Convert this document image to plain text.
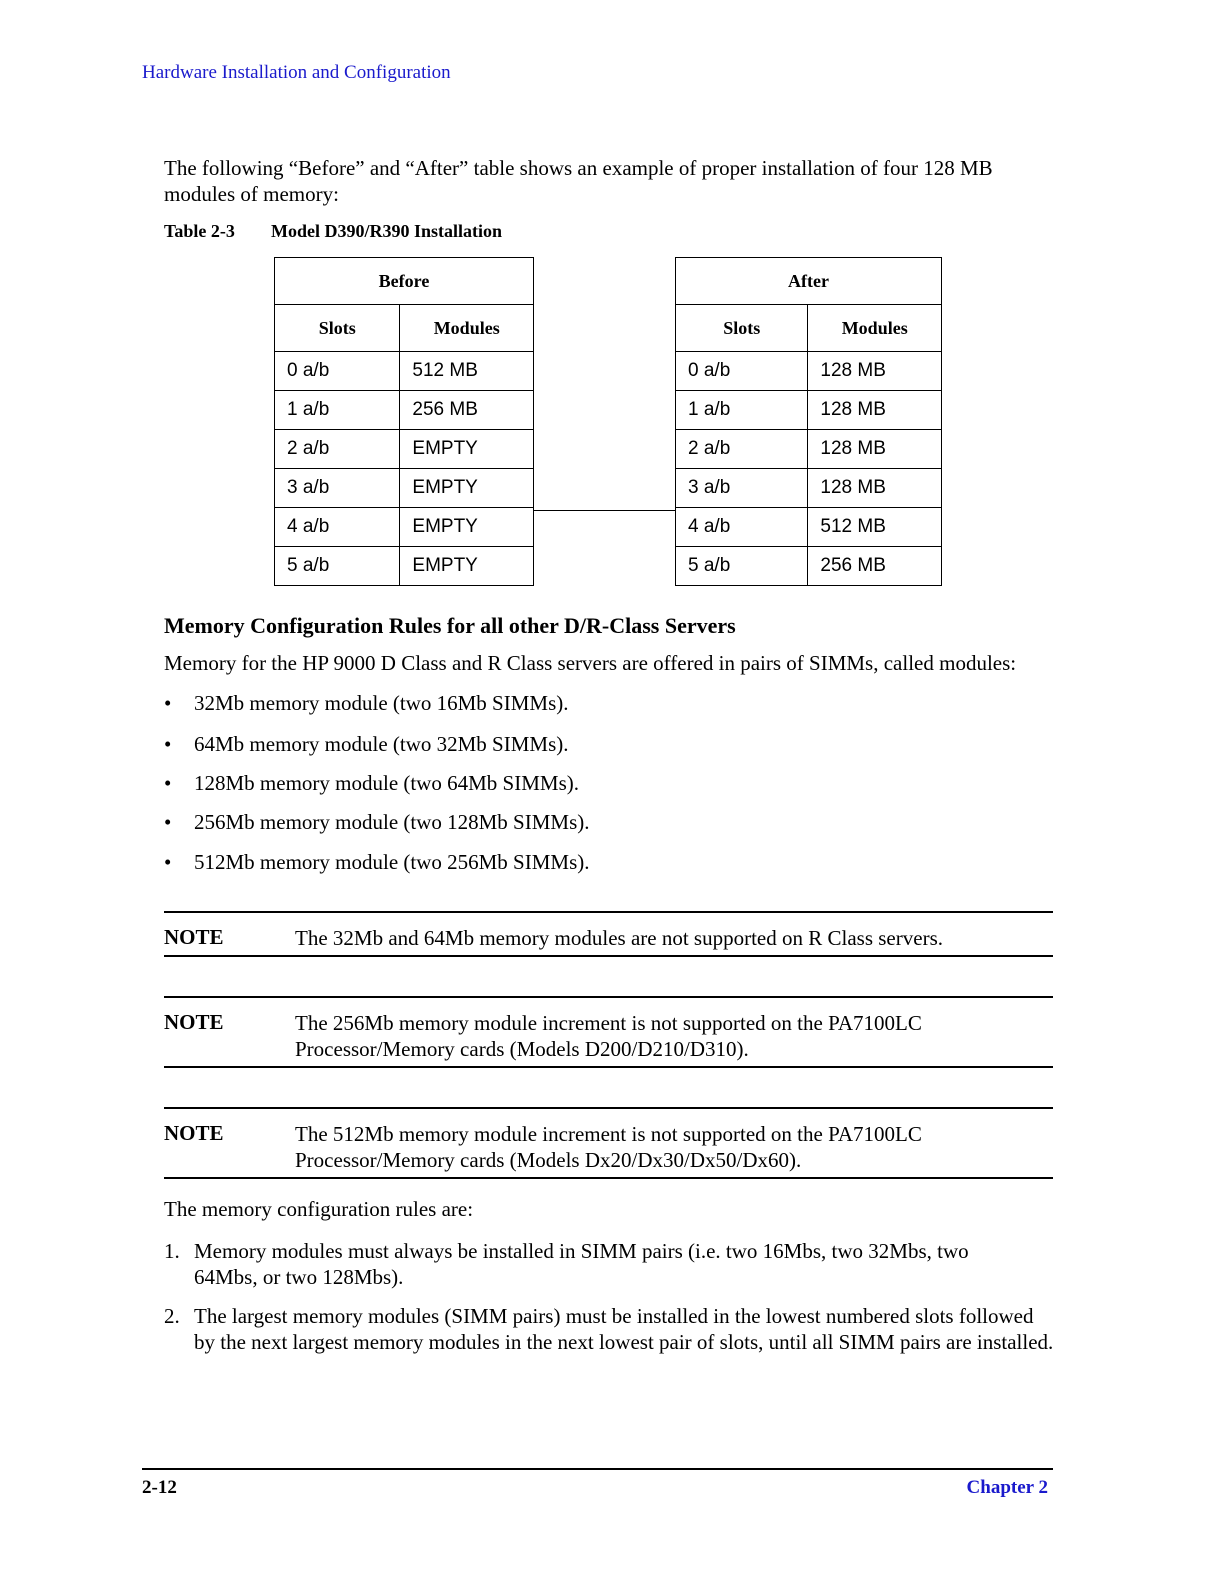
Hardware Installation and Configuration
The following “Before” and “After” table shows an example of proper installation of four 128 MB modules of memory:
Table 2-3 Model D390/R390 Installation
Before	
Slots	Modules
0 a/b	512 MB
1 a/b	256 MB
2 a/b	EMPTY
3 a/b	EMPTY
4 a/b	EMPTY
5 a/b	EMPTY
After	
Slots	Modules
0 a/b	128 MB
1 a/b	128 MB
2 a/b	128 MB
3 a/b	128 MB
4 a/b	512 MB
5 a/b	256 MB
Memory Configuration Rules for all other D/R-Class Servers
Memory for the HP 9000 D Class and R Class servers are offered in pairs of SIMMs, called modules:
• 32Mb memory module (two 16Mb SIMMs).
• 64Mb memory module (two 32Mb SIMMs).
• 128Mb memory module (two 64Mb SIMMs).
• 256Mb memory module (two 128Mb SIMMs).
• 512Mb memory module (two 256Mb SIMMs).
NOTE	The 32Mb and 64Mb memory modules are not supported on R Class servers.
NOTE	The 256Mb memory module increment is not supported on the PA7100LC Processor/Memory cards (Models D200/D210/D310).
NOTE	The 512Mb memory module increment is not supported on the PA7100LC Processor/Memory cards (Models Dx20/Dx30/Dx50/Dx60).
The memory configuration rules are:
1. Memory modules must always be installed in SIMM pairs (i.e. two 16Mbs, two 32Mbs, two 64Mbs, or two 128Mbs).
2. The largest memory modules (SIMM pairs) must be installed in the lowest numbered slots followed by the next largest memory modules in the next lowest pair of slots, until all SIMM pairs are installed.
2-12	Chapter 2
